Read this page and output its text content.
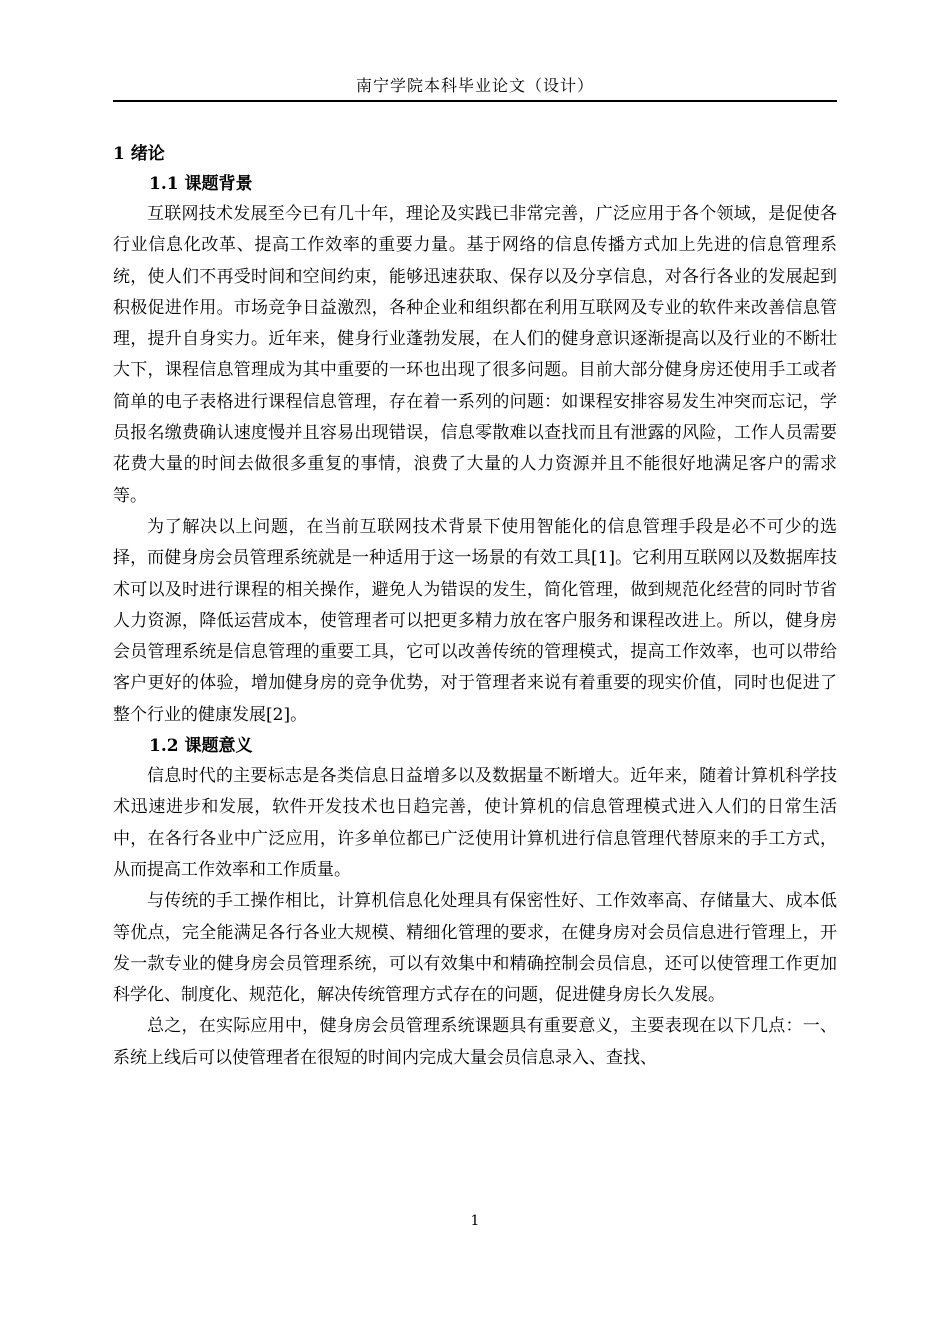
南宁学院本科毕业论文（设计）
1 绪论
1.1 课题背景

互联网技术发展至今已有几十年，理论及实践已非常完善，广泛应用于各个领域，是促使各行业信息化改革、提高工作效率的重要力量。基于网络的信息传播方式加上先进的信息管理系统，使人们不再受时间和空间约束，能够迅速获取、保存以及分享信息，对各行各业的发展起到积极促进作用。市场竞争日益激烈，各种企业和组织都在利用互联网及专业的软件来改善信息管理，提升自身实力。近年来，健身行业蓬勃发展，在人们的健身意识逐渐提高以及行业的不断壮大下，课程信息管理成为其中重要的一环也出现了很多问题。目前大部分健身房还使用手工或者简单的电子表格进行课程信息管理，存在着一系列的问题：如课程安排容易发生冲突而忘记，学员报名缴费确认速度慢并且容易出现错误，信息零散难以查找而且有泄露的风险，工作人员需要花费大量的时间去做很多重复的事情，浪费了大量的人力资源并且不能很好地满足客户的需求等。

为了解决以上问题，在当前互联网技术背景下使用智能化的信息管理手段是必不可少的选择，而健身房会员管理系统就是一种适用于这一场景的有效工具[1]。它利用互联网以及数据库技术可以及时进行课程的相关操作，避免人为错误的发生，简化管理，做到规范化经营的同时节省人力资源，降低运营成本，使管理者可以把更多精力放在客户服务和课程改进上。所以，健身房会员管理系统是信息管理的重要工具，它可以改善传统的管理模式，提高工作效率，也可以带给客户更好的体验，增加健身房的竞争优势，对于管理者来说有着重要的现实价值，同时也促进了整个行业的健康发展[2]。

1.2 课题意义

信息时代的主要标志是各类信息日益增多以及数据量不断增大。近年来，随着计算机科学技术迅速进步和发展，软件开发技术也日趋完善，使计算机的信息管理模式进入人们的日常生活中，在各行各业中广泛应用，许多单位都已广泛使用计算机进行信息管理代替原来的手工方式，从而提高工作效率和工作质量。

与传统的手工操作相比，计算机信息化处理具有保密性好、工作效率高、存储量大、成本低等优点，完全能满足各行各业大规模、精细化管理的要求，在健身房对会员信息进行管理上，开发一款专业的健身房会员管理系统，可以有效集中和精确控制会员信息，还可以使管理工作更加科学化、制度化、规范化，解决传统管理方式存在的问题，促进健身房长久发展。

总之，在实际应用中，健身房会员管理系统课题具有重要意义，主要表现在以下几点：一、系统上线后可以使管理者在很短的时间内完成大量会员信息录入、查找、

1
